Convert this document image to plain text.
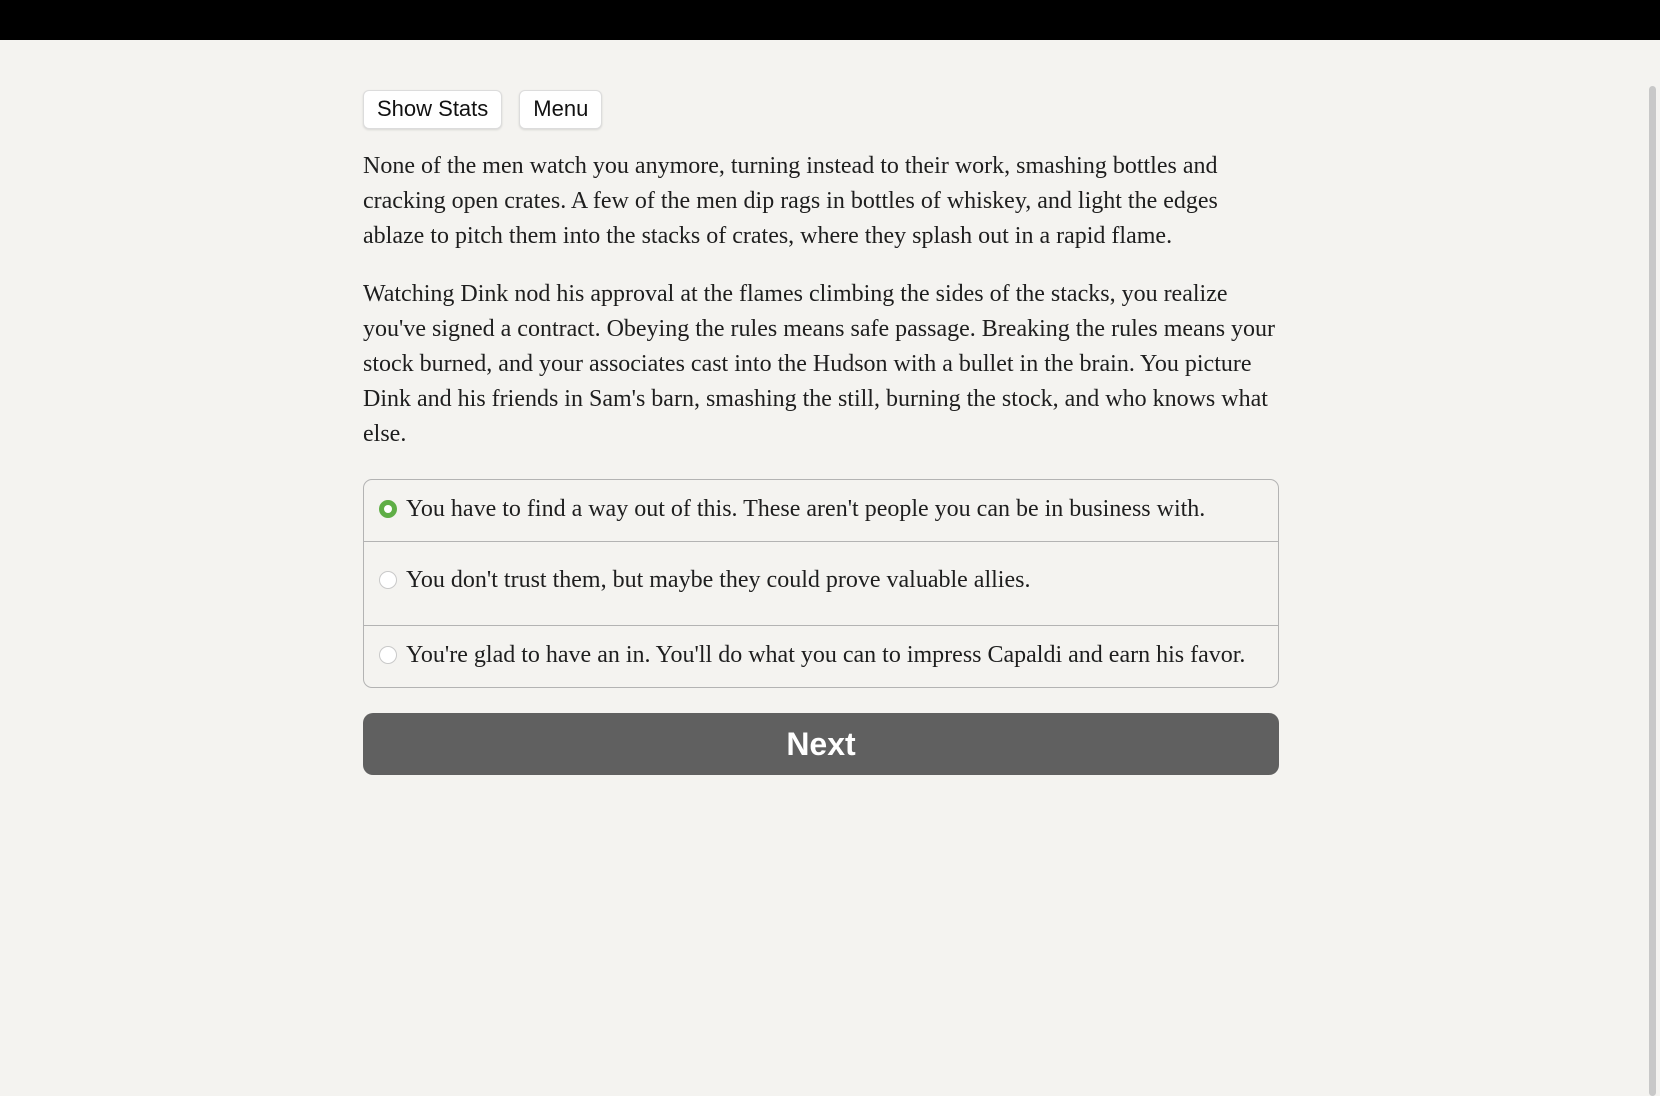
Show Stats	Menu

None of the men watch you anymore, turning instead to their work, smashing bottles and cracking open crates. A few of the men dip rags in bottles of whiskey, and light the edges ablaze to pitch them into the stacks of crates, where they splash out in a rapid flame.

Watching Dink nod his approval at the flames climbing the sides of the stacks, you realize you've signed a contract. Obeying the rules means safe passage. Breaking the rules means your stock burned, and your associates cast into the Hudson with a bullet in the brain. You picture Dink and his friends in Sam's barn, smashing the still, burning the stock, and who knows what else.

You have to find a way out of this. These aren't people you can be in business with.
You don't trust them, but maybe they could prove valuable allies.
You're glad to have an in. You'll do what you can to impress Capaldi and earn his favor.
Next
